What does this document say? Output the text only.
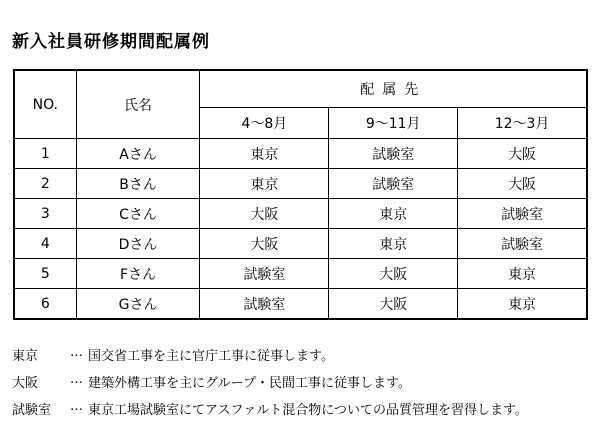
新入社員研修期間配属例
NO.	氏名	配属先		
		4～8月	9～11月	12～3月
1	Aさん	東京	試験室	大阪
2	Bさん	東京	試験室	大阪
3	Cさん	大阪	東京	試験室
4	Dさん	大阪	東京	試験室
5	Fさん	試験室	大阪	東京
6	Gさん	試験室	大阪	東京
東京	… 国交省工事を主に官庁工事に従事します。
大阪	… 建築外構工事を主にグループ・民間工事に従事します。
試験室	… 東京工場試験室にてアスファルト混合物についての品質管理を習得します。
